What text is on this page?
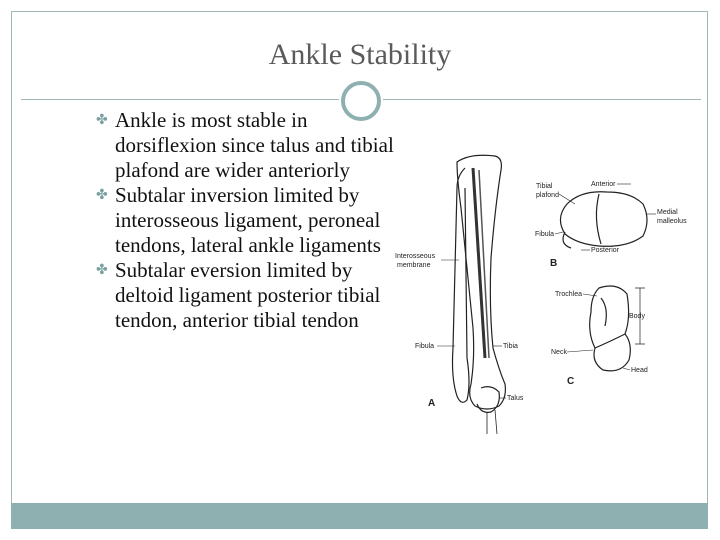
Ankle Stability
✤ Ankle is most stable in dorsiflexion since talus and tibial plafond are wider anteriorly
✤ Subtalar inversion limited by interosseous ligament, peroneal tendons, lateral ankle ligaments
✤ Subtalar eversion limited by deltoid ligament posterior tibial tendon, anterior tibial tendon
Interosseous
membrane
Fibula	Tibia
Talus
A
Tibial
plafond
Anterior
Medial
malleolus
Fibula
Posterior
B
Trochlea
Body
Neck
Head
C
